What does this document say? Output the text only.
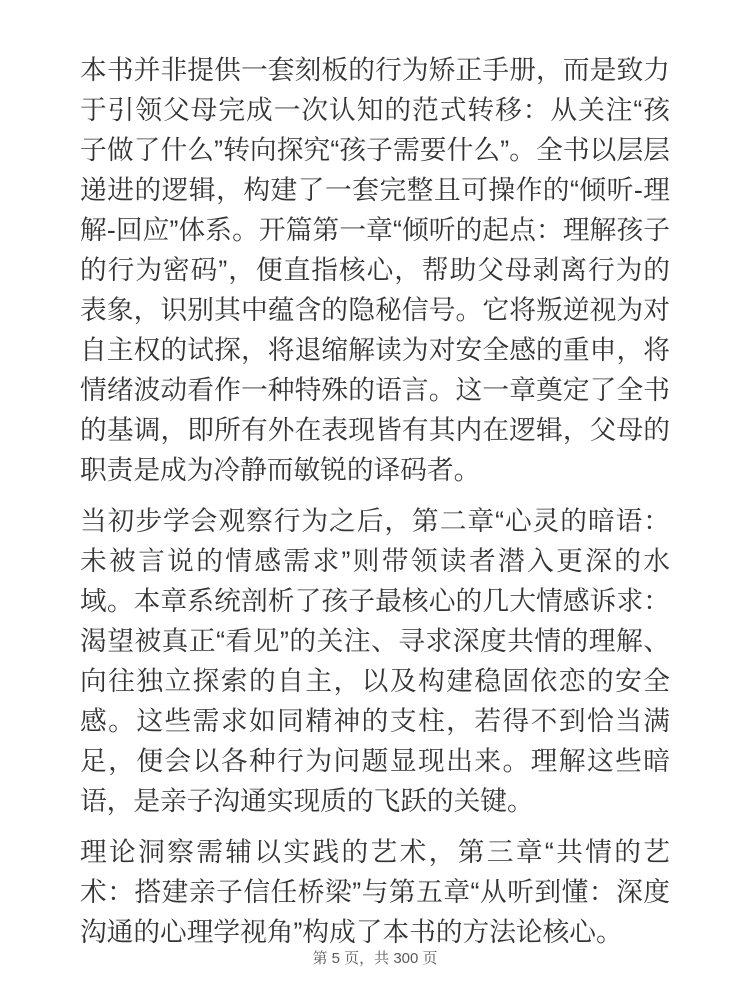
本书并非提供一套刻板的行为矫正手册，而是致力于引领父母完成一次认知的范式转移：从关注“孩子做了什么”转向探究“孩子需要什么”。全书以层层递进的逻辑，构建了一套完整且可操作的“倾听-理解-回应”体系。开篇第一章“倾听的起点：理解孩子的行为密码”，便直指核心，帮助父母剥离行为的表象，识别其中蕴含的隐秘信号。它将叛逆视为对自主权的试探，将退缩解读为对安全感的重申，将情绪波动看作一种特殊的语言。这一章奠定了全书的基调，即所有外在表现皆有其内在逻辑，父母的职责是成为冷静而敏锐的译码者。

当初步学会观察行为之后，第二章“心灵的暗语：未被言说的情感需求”则带领读者潜入更深的水域。本章系统剖析了孩子最核心的几大情感诉求：渴望被真正“看见”的关注、寻求深度共情的理解、向往独立探索的自主，以及构建稳固依恋的安全感。这些需求如同精神的支柱，若得不到恰当满足，便会以各种行为问题显现出来。理解这些暗语，是亲子沟通实现质的飞跃的关键。

理论洞察需辅以实践的艺术，第三章“共情的艺术：搭建亲子信任桥梁”与第五章“从听到懂：深度沟通的心理学视角”构成了本书的方法论核心。

第 5 页，共 300 页
